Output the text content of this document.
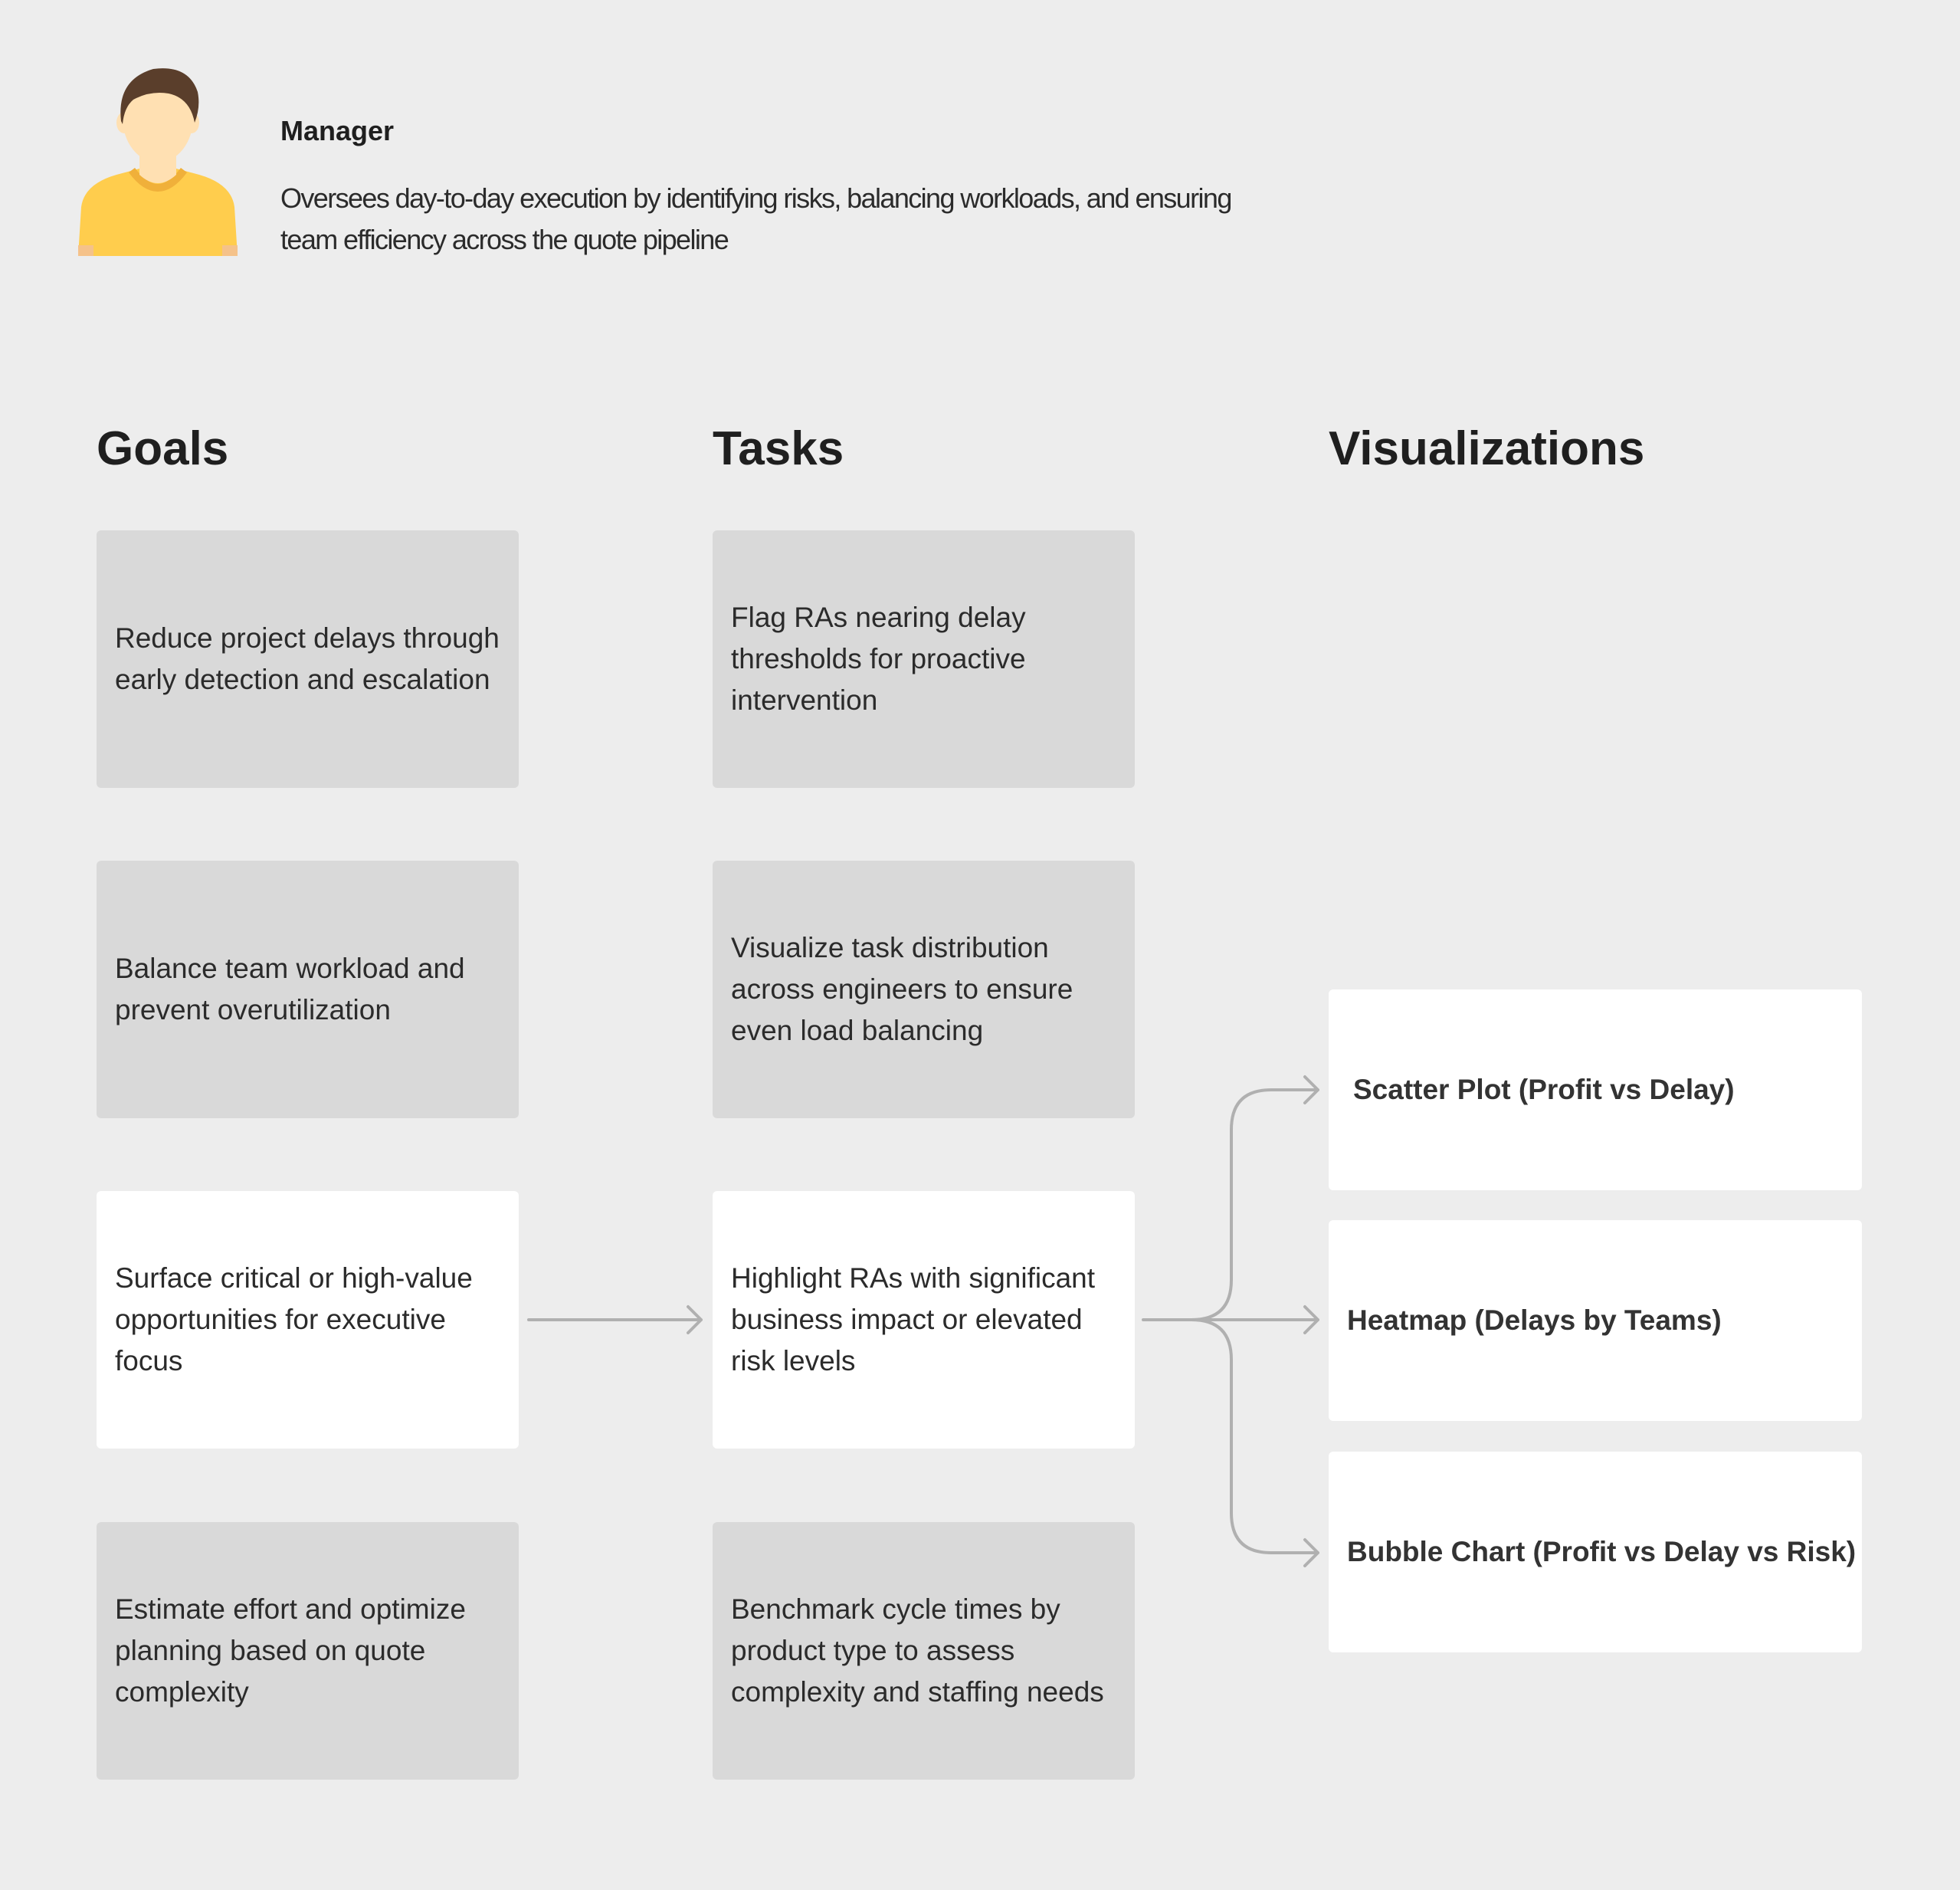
Manager

Oversees day-to-day execution by identifying risks, balancing workloads, and ensuring
team efficiency across the quote pipeline

Goals	Tasks	Visualizations
Reduce project delays through early detection and escalation
Balance team workload and prevent overutilization
Surface critical or high-value opportunities for executive focus
Estimate effort and optimize planning based on quote complexity
Flag RAs nearing delay thresholds for proactive intervention
Visualize task distribution across engineers to ensure even load balancing
Highlight RAs with significant business impact or elevated risk levels
Benchmark cycle times by product type to assess complexity and staffing needs
Scatter Plot (Profit vs Delay)
Heatmap (Delays by Teams)
Bubble Chart (Profit vs Delay vs Risk)
